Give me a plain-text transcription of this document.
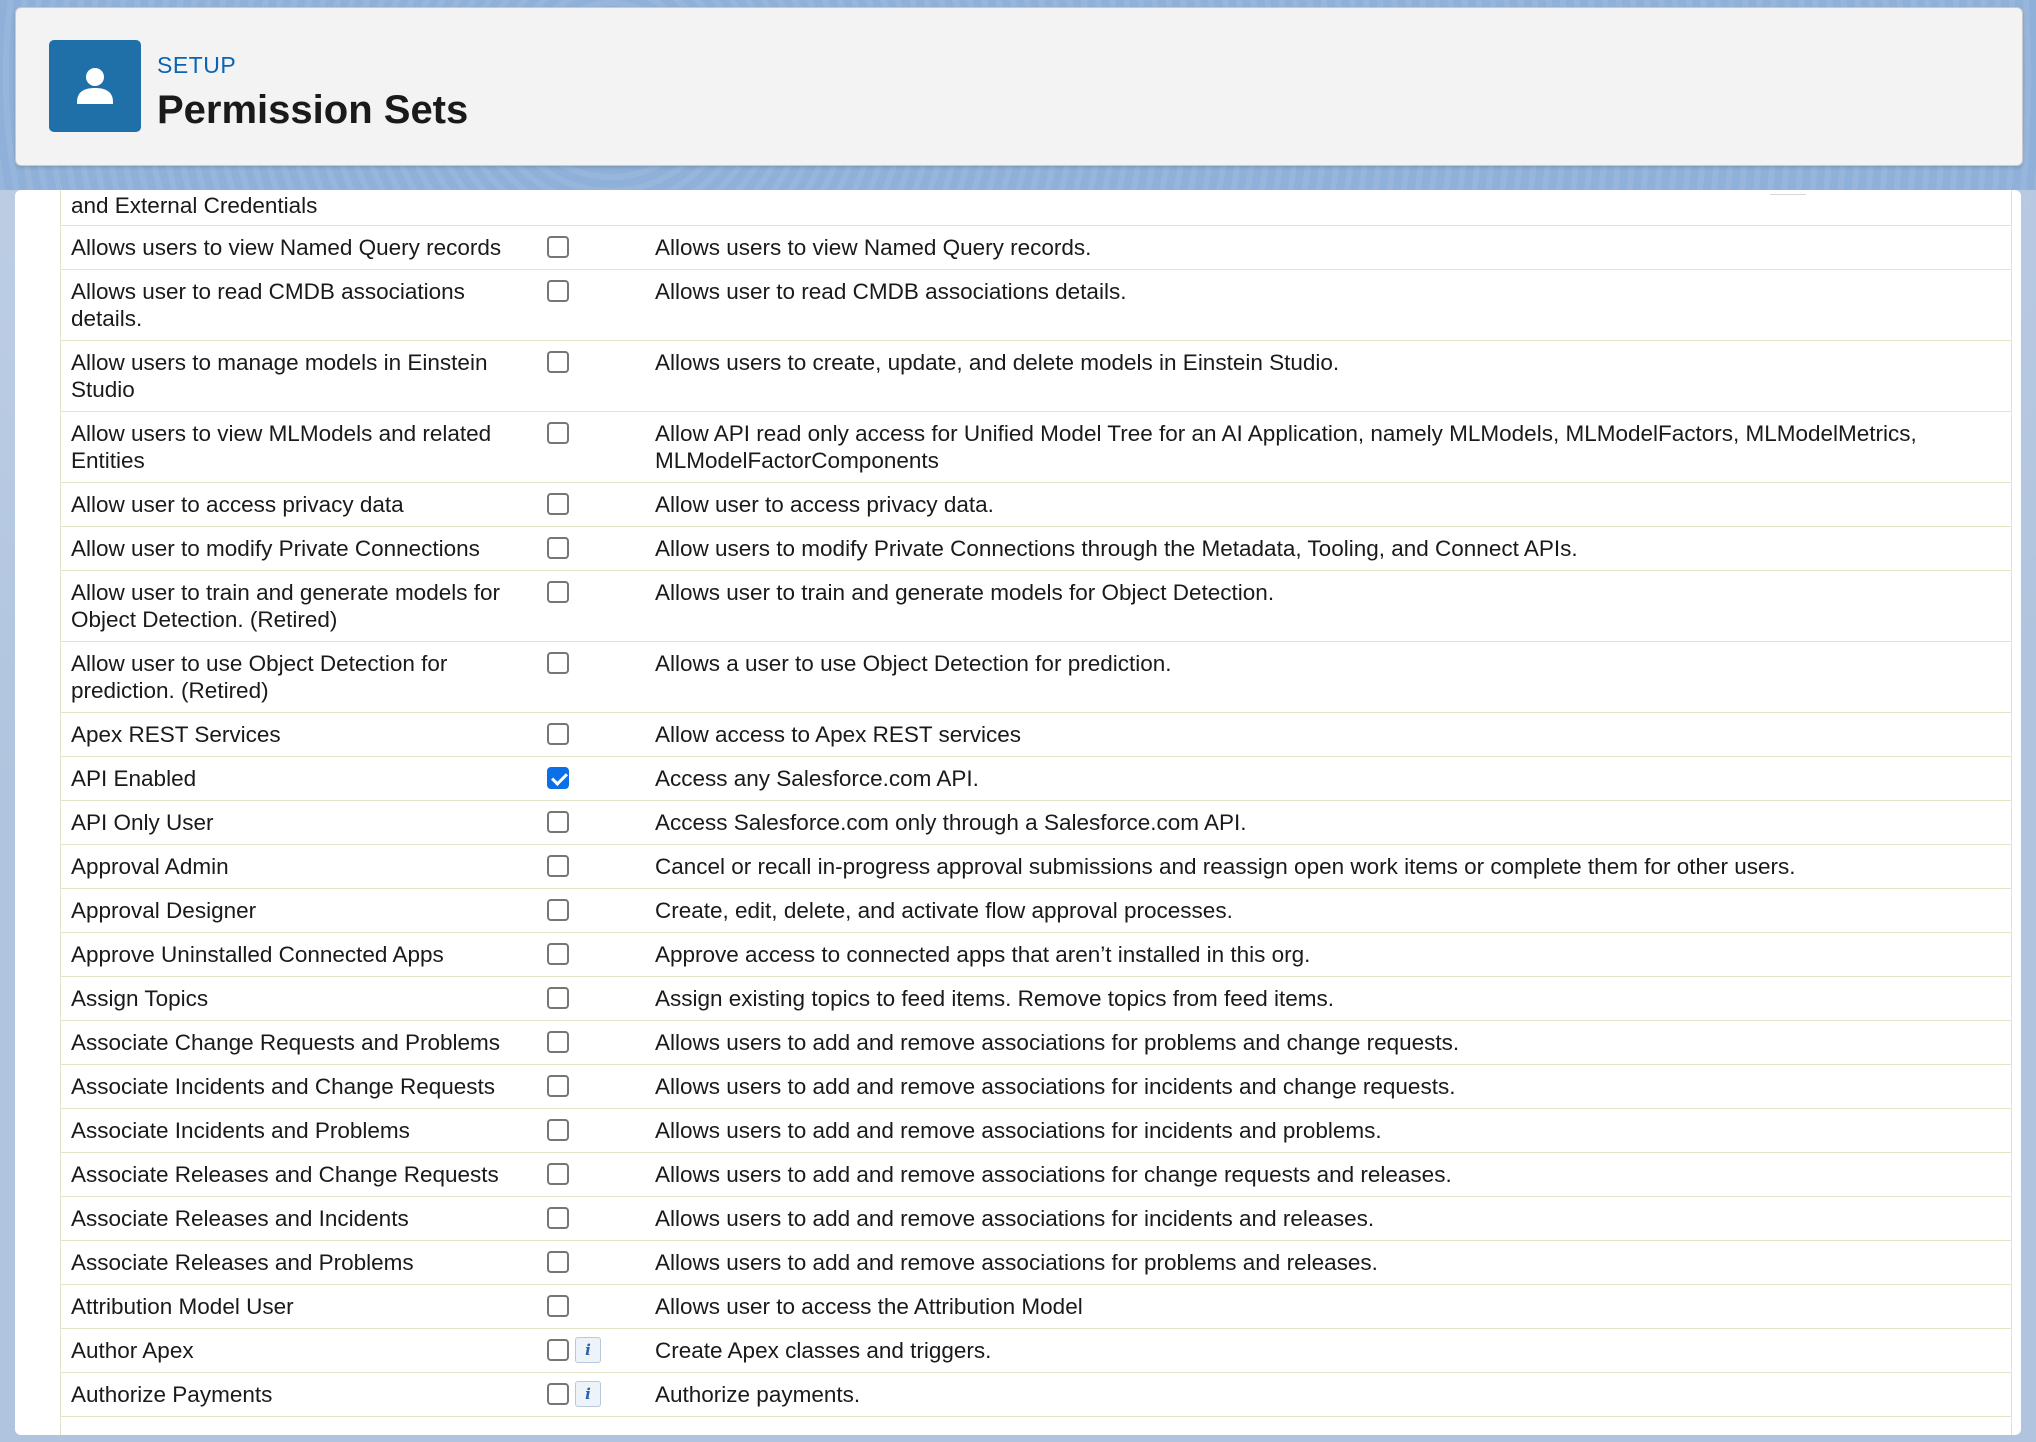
SETUP
Permission Sets
and External Credentials		
Allows users to view Named Query records		Allows users to view Named Query records.
Allows user to read CMDB associations details.		Allows user to read CMDB associations details.
Allow users to manage models in Einstein Studio		Allows users to create, update, and delete models in Einstein Studio.
Allow users to view MLModels and related Entities		Allow API read only access for Unified Model Tree for an AI Application, namely MLModels, MLModelFactors, MLModelMetrics, MLModelFactorComponents
Allow user to access privacy data		Allow user to access privacy data.
Allow user to modify Private Connections		Allow users to modify Private Connections through the Metadata, Tooling, and Connect APIs.
Allow user to train and generate models for Object Detection. (Retired)		Allows user to train and generate models for Object Detection.
Allow user to use Object Detection for prediction. (Retired)		Allows a user to use Object Detection for prediction.
Apex REST Services		Allow access to Apex REST services
API Enabled		Access any Salesforce.com API.
API Only User		Access Salesforce.com only through a Salesforce.com API.
Approval Admin		Cancel or recall in-progress approval submissions and reassign open work items or complete them for other users.
Approval Designer		Create, edit, delete, and activate flow approval processes.
Approve Uninstalled Connected Apps		Approve access to connected apps that aren’t installed in this org.
Assign Topics		Assign existing topics to feed items. Remove topics from feed items.
Associate Change Requests and Problems		Allows users to add and remove associations for problems and change requests.
Associate Incidents and Change Requests		Allows users to add and remove associations for incidents and change requests.
Associate Incidents and Problems		Allows users to add and remove associations for incidents and problems.
Associate Releases and Change Requests		Allows users to add and remove associations for change requests and releases.
Associate Releases and Incidents		Allows users to add and remove associations for incidents and releases.
Associate Releases and Problems		Allows users to add and remove associations for problems and releases.
Attribution Model User		Allows user to access the Attribution Model
Author Apex	i	Create Apex classes and triggers.
Authorize Payments	i	Authorize payments.
